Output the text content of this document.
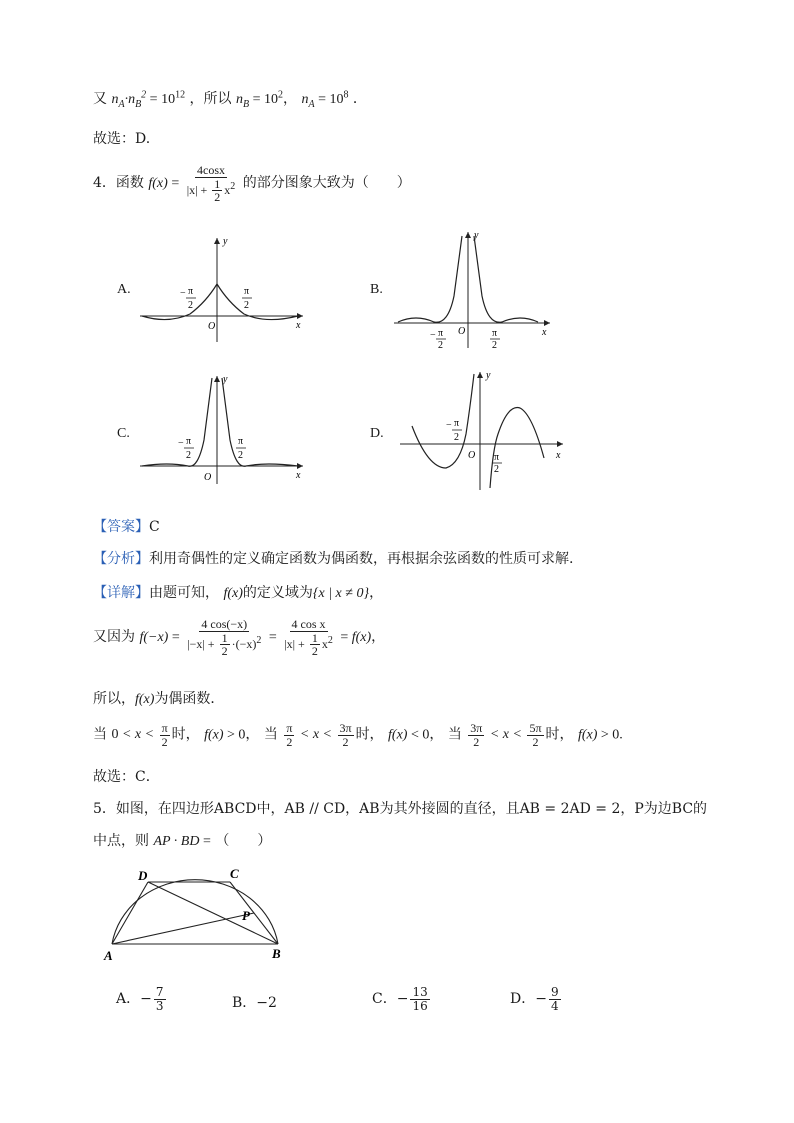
又 $n_A\cdot n_B^2 = 10^{12}$ ，所以 $n_B = 10^2$， $n_A = 10^8$ ．
故选：D.
4．函数 $f(x) = \frac{4\cos x}{|x| + \frac{1}{2} x^2}$ 的部分图象大致为（　　）
A.
y
x
O
− π
2
π
2
B.
y
x
O
− π
2
π
2
C.
y
x
O
− π
2
π
2
D.
y
x
O
− π
2
π
2
【答案】C
【分析】利用奇偶性的定义确定函数为偶函数，再根据余弦函数的性质可求解.
【详解】由题可知， f(x)的定义域为{x | x ≠ 0}，
又因为 $f(-x) = \frac{4 \cos(-x)}{|-x| + \frac{1}{2} \cdot(-x)^2} = \frac{\text{4 cos x}}{|x| + \frac{1}{2} x^2} = f(x)$，
所以，f(x)为偶函数．
当 $0 < x < \frac{\pi}{2}$ 时， f(x) > 0， 当 $\frac{\pi}{2} < x < \frac{3\pi}{2}$ 时， f(x) < 0， 当 $\frac{3\pi}{2} < x < \frac{5\pi}{2}$ 时， f(x) > 0.
故选：C．
5．如图，在四边形ABCD中，AB // CD，AB为其外接圆的直径，且AB = 2AD = 2，P为边BC的
中点，则 AP · BD = （　　）
D	C
P
A	B
A．− $\frac{7}{3}$	B．−2	C．− $\frac{13}{16}$	D．− $\frac{9}{4}$
